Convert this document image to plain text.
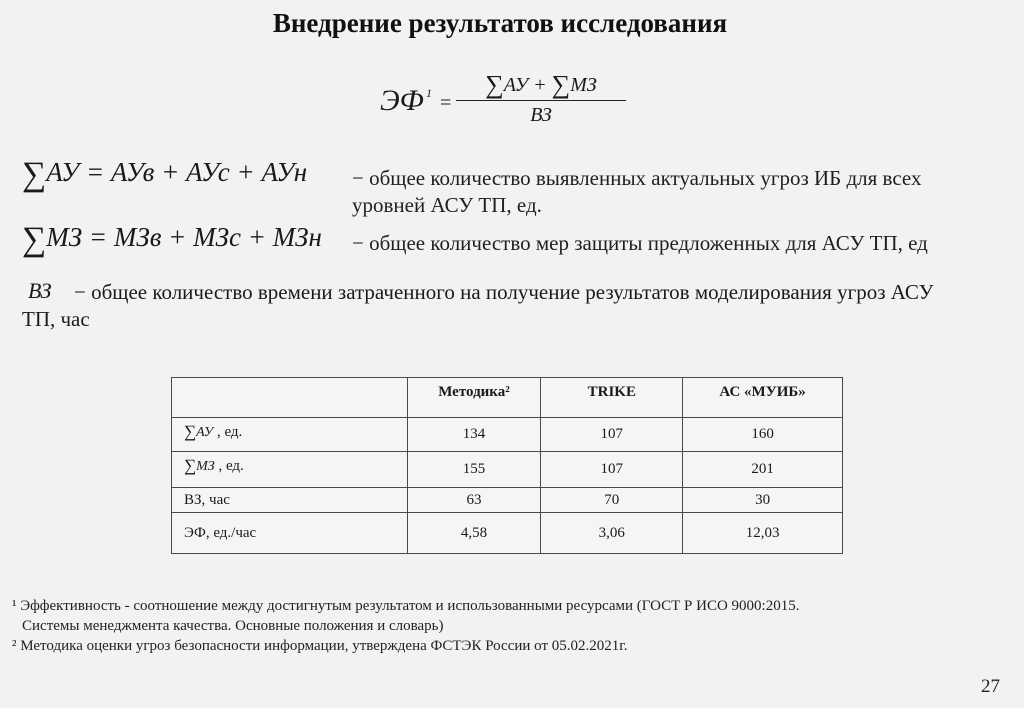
Внедрение результатов исследования
ЭФ 1 =
∑АУ + ∑МЗ
ВЗ
∑АУ = АУв + АУс + АУн − общее количество выявленных актуальных угроз ИБ для всех
уровней АСУ ТП, ед.
∑МЗ = МЗв + МЗс + МЗн − общее количество мер защиты предложенных для АСУ ТП, ед
ВЗ	− общее количество времени затраченного на получение результатов моделирования угроз АСУ ТП, час
	Методика²	TRIKE	АС «МУИБ»
∑АУ , ед.	134	107	160
∑МЗ , ед.	155	107	201
ВЗ, час	63	70	30
ЭФ, ед./час	4,58	3,06	12,03

¹ Эффективность - соотношение между достигнутым результатом и использованными ресурсами (ГОСТ Р ИСО 9000:2015.

Системы менеджмента качества. Основные положения и словарь)

² Методика оценки угроз безопасности информации, утверждена ФСТЭК России от 05.02.2021г.

27
